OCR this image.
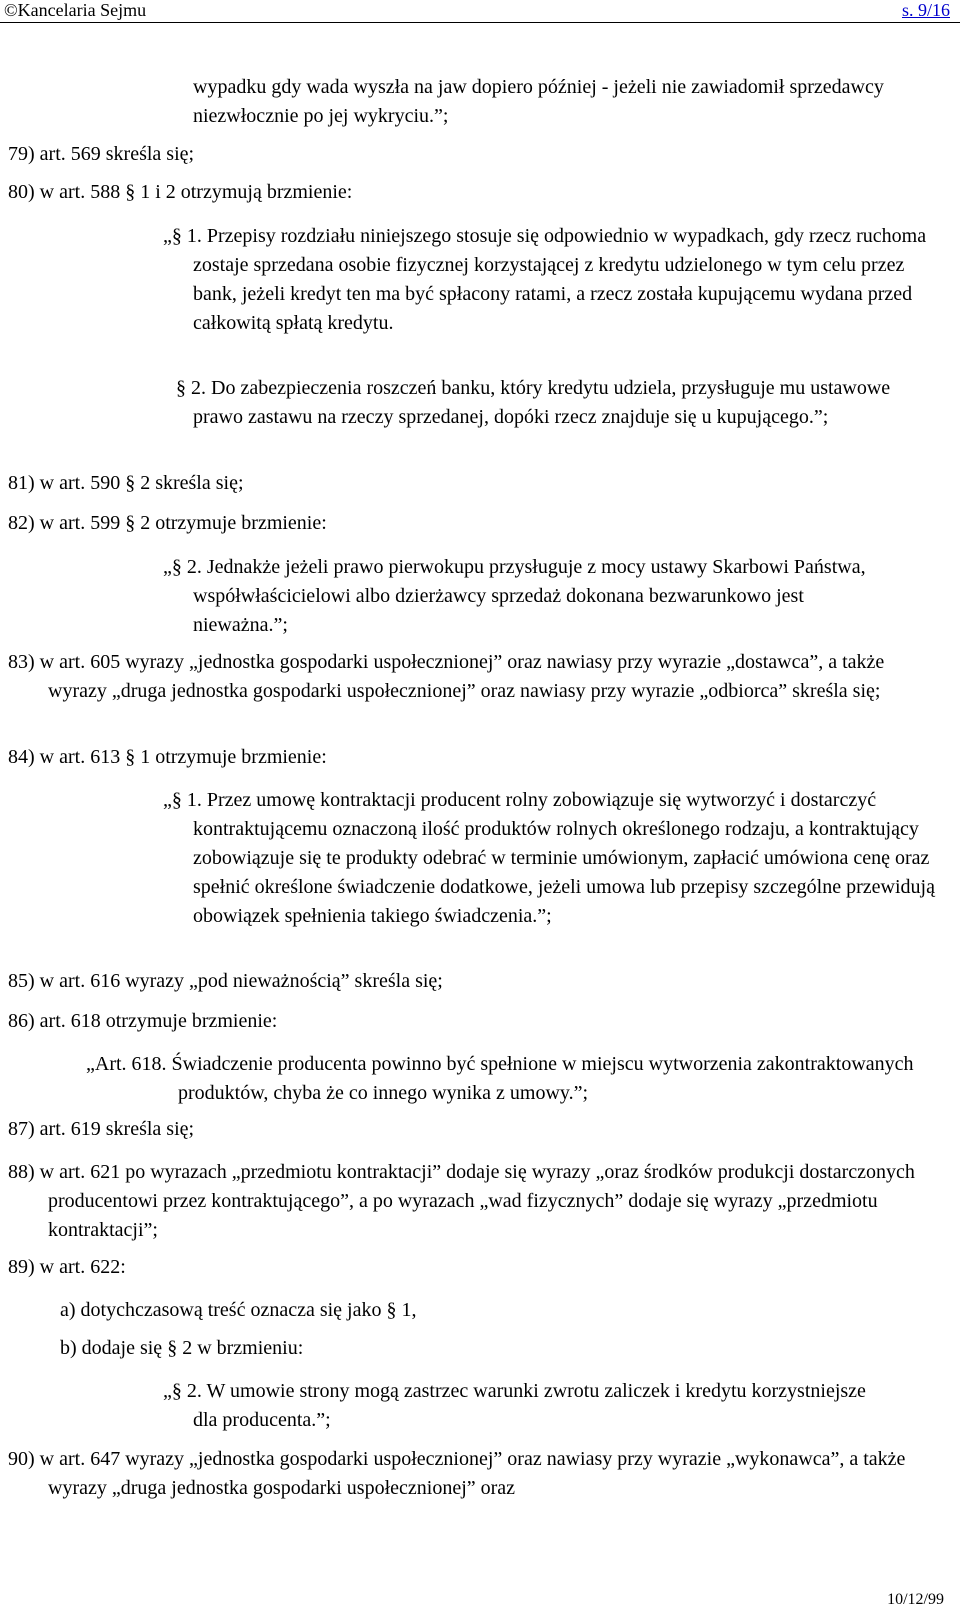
©Kancelaria Sejmu	s. 9/16

wypadku gdy wada wyszła na jaw dopiero później - jeżeli nie zawiadomił sprzedawcy niezwłocznie po jej wykryciu.”;

79) art. 569 skreśla się;

80) w art. 588 § 1 i 2 otrzymują brzmienie:

„§ 1. Przepisy rozdziału niniejszego stosuje się odpowiednio w wypadkach, gdy rzecz ruchoma zostaje sprzedana osobie fizycznej korzystającej z kredytu udzielonego w tym celu przez bank, jeżeli kredyt ten ma być spłacony ratami, a rzecz została kupującemu wydana przed całkowitą spłatą kredytu.

§ 2. Do zabezpieczenia roszczeń banku, który kredytu udziela, przysługuje mu ustawowe prawo zastawu na rzeczy sprzedanej, dopóki rzecz znajduje się u kupującego.”;

81) w art. 590 § 2 skreśla się;

82) w art. 599 § 2 otrzymuje brzmienie:

„§ 2. Jednakże jeżeli prawo pierwokupu przysługuje z mocy ustawy Skarbowi Państwa, współwłaścicielowi albo dzierżawcy sprzedaż dokonana bezwarunkowo jest nieważna.”;

83) w art. 605 wyrazy „jednostka gospodarki uspołecznionej” oraz nawiasy przy wyrazie „dostawca”, a także wyrazy „druga jednostka gospodarki uspołecznionej” oraz nawiasy przy wyrazie „odbiorca” skreśla się;

84) w art. 613 § 1 otrzymuje brzmienie:

„§ 1. Przez umowę kontraktacji producent rolny zobowiązuje się wytworzyć i dostarczyć kontraktującemu oznaczoną ilość produktów rolnych określonego rodzaju, a kontraktujący zobowiązuje się te produkty odebrać w terminie umówionym, zapłacić umówiona cenę oraz spełnić określone świadczenie dodatkowe, jeżeli umowa lub przepisy szczególne przewidują obowiązek spełnienia takiego świadczenia.”;

85) w art. 616 wyrazy „pod nieważnością” skreśla się;

86) art. 618 otrzymuje brzmienie:

„Art. 618. Świadczenie producenta powinno być spełnione w miejscu wytworzenia zakontraktowanych produktów, chyba że co innego wynika z umowy.”;

87) art. 619 skreśla się;

88) w art. 621 po wyrazach „przedmiotu kontraktacji” dodaje się wyrazy „oraz środków produkcji dostarczonych producentowi przez kontraktującego”, a po wyrazach „wad fizycznych” dodaje się wyrazy „przedmiotu kontraktacji”;

89) w art. 622:

a) dotychczasową treść oznacza się jako § 1,

b) dodaje się § 2 w brzmieniu:

„§ 2. W umowie strony mogą zastrzec warunki zwrotu zaliczek i kredytu korzystniejsze dla producenta.”;

90) w art. 647 wyrazy „jednostka gospodarki uspołecznionej” oraz nawiasy przy wyrazie „wykonawca”, a także wyrazy „druga jednostka gospodarki uspołecznionej” oraz

10/12/99
